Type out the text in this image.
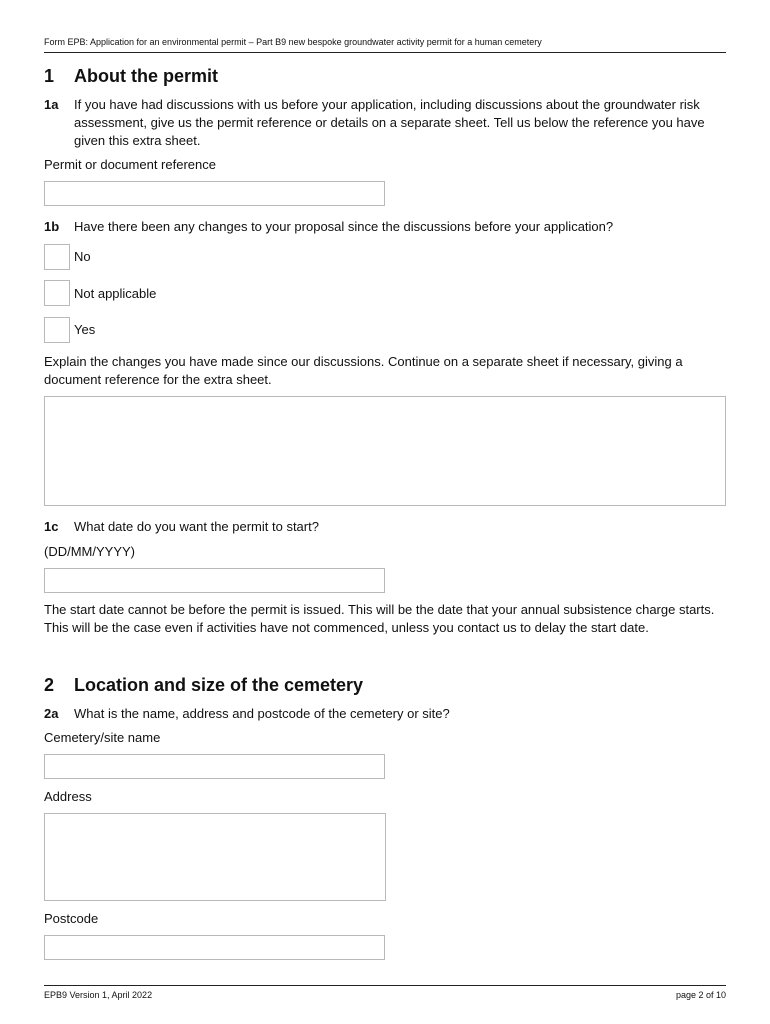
Form EPB: Application for an environmental permit – Part B9 new bespoke groundwater activity permit for a human cemetery
1 About the permit
1a If you have had discussions with us before your application, including discussions about the groundwater risk assessment, give us the permit reference or details on a separate sheet. Tell us below the reference you have given this extra sheet.
Permit or document reference
1b Have there been any changes to your proposal since the discussions before your application?
No
Not applicable
Yes
Explain the changes you have made since our discussions. Continue on a separate sheet if necessary, giving a document reference for the extra sheet.
1c What date do you want the permit to start?
(DD/MM/YYYY)
The start date cannot be before the permit is issued. This will be the date that your annual subsistence charge starts. This will be the case even if activities have not commenced, unless you contact us to delay the start date.
2 Location and size of the cemetery
2a What is the name, address and postcode of the cemetery or site?
Cemetery/site name
Address
Postcode
EPB9 Version 1, April 2022	page 2 of 10
